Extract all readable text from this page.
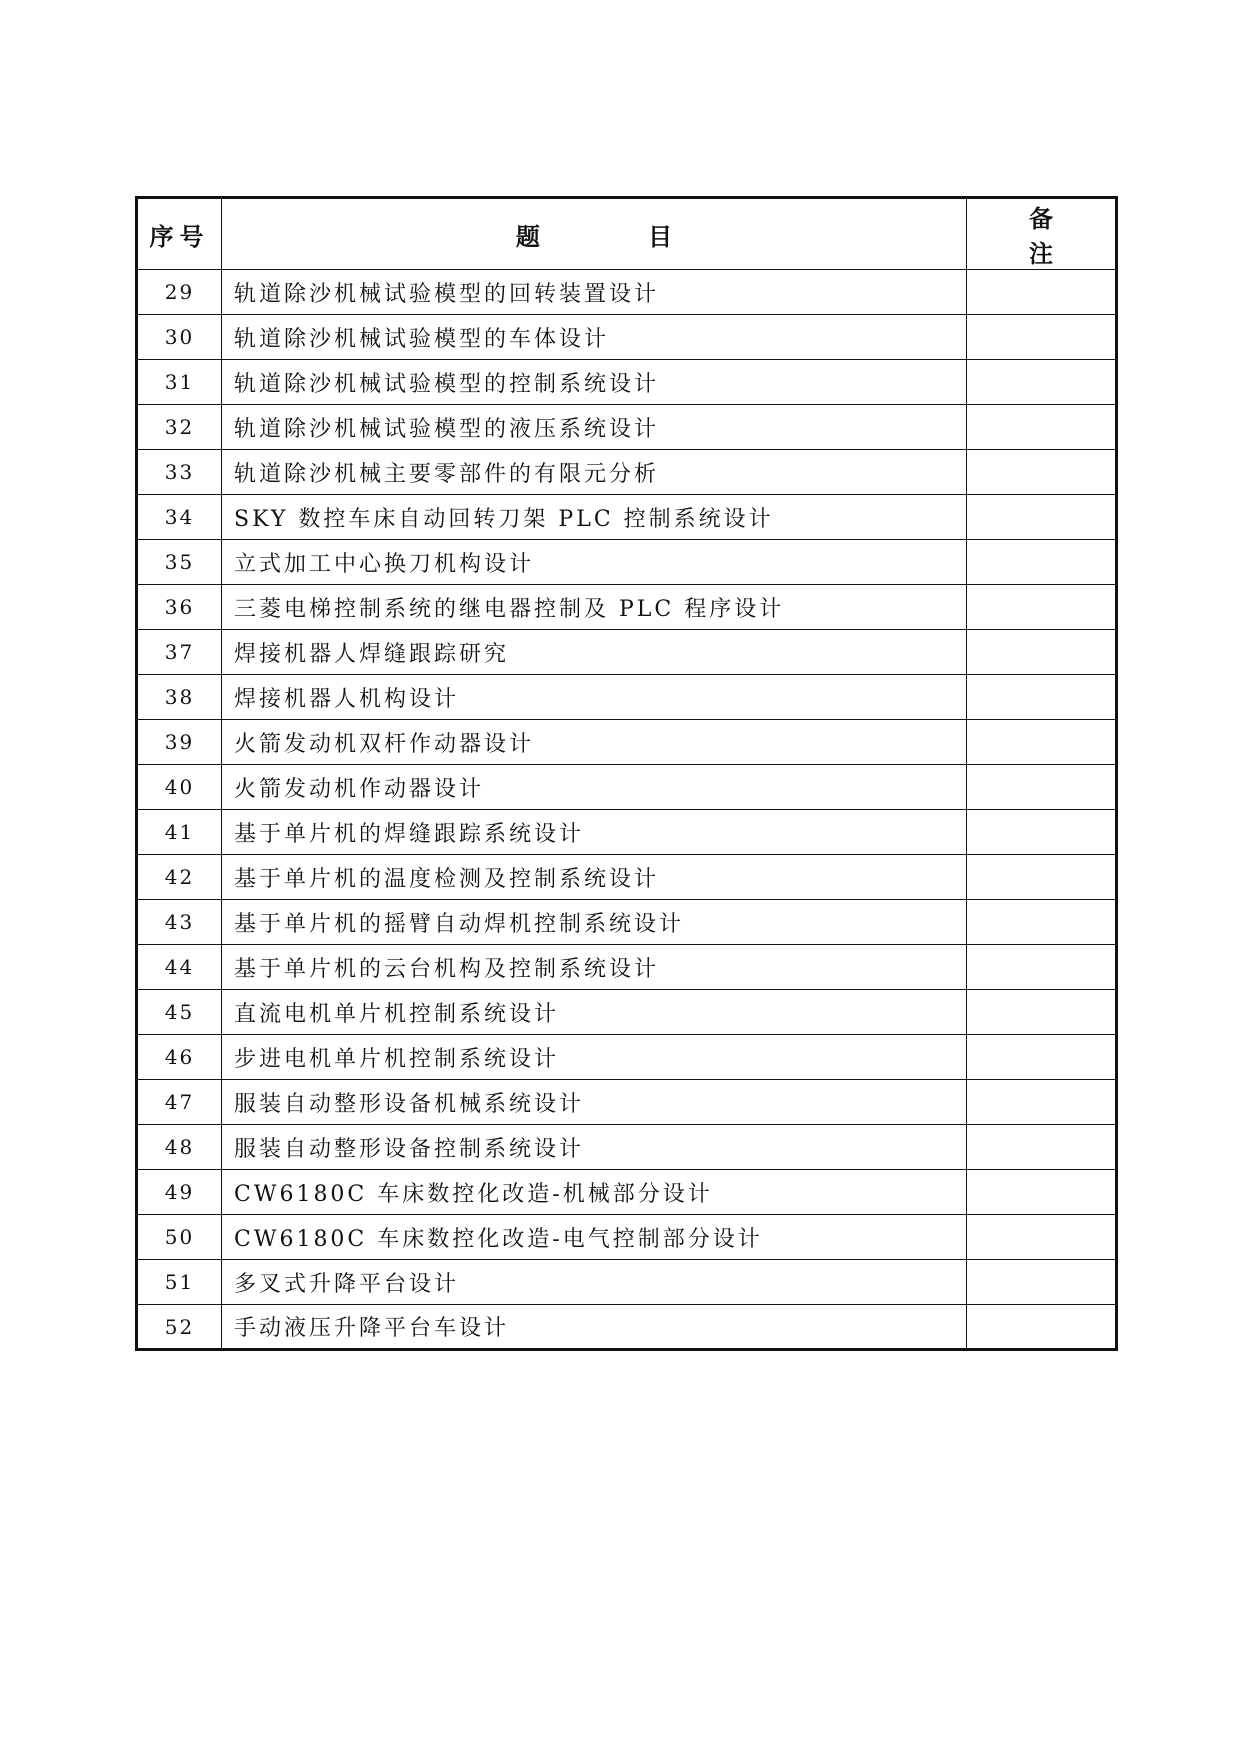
序号	题 目	备 注
29	轨道除沙机械试验模型的回转装置设计	
30	轨道除沙机械试验模型的车体设计	
31	轨道除沙机械试验模型的控制系统设计	
32	轨道除沙机械试验模型的液压系统设计	
33	轨道除沙机械主要零部件的有限元分析	
34	SKY 数控车床自动回转刀架 PLC 控制系统设计	
35	立式加工中心换刀机构设计	
36	三菱电梯控制系统的继电器控制及 PLC 程序设计	
37	焊接机器人焊缝跟踪研究	
38	焊接机器人机构设计	
39	火箭发动机双杆作动器设计	
40	火箭发动机作动器设计	
41	基于单片机的焊缝跟踪系统设计	
42	基于单片机的温度检测及控制系统设计	
43	基于单片机的摇臂自动焊机控制系统设计	
44	基于单片机的云台机构及控制系统设计	
45	直流电机单片机控制系统设计	
46	步进电机单片机控制系统设计	
47	服装自动整形设备机械系统设计	
48	服装自动整形设备控制系统设计	
49	CW6180C 车床数控化改造-机械部分设计	
50	CW6180C 车床数控化改造-电气控制部分设计	
51	多叉式升降平台设计	
52	手动液压升降平台车设计	
